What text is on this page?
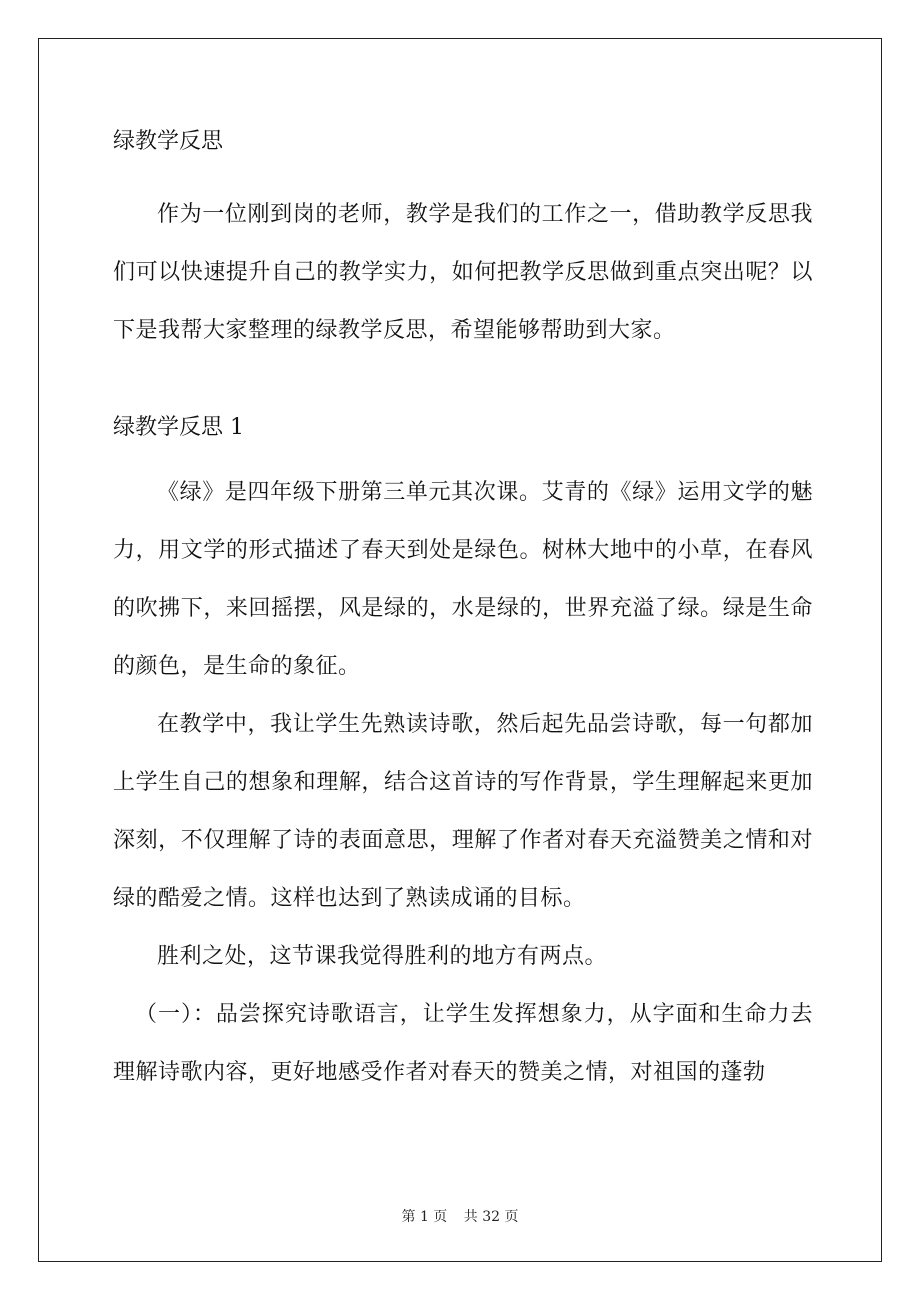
绿教学反思

作为一位刚到岗的老师，教学是我们的工作之一，借助教学反思我们可以快速提升自己的教学实力，如何把教学反思做到重点突出呢？以下是我帮大家整理的绿教学反思，希望能够帮助到大家。

绿教学反思 1

《绿》是四年级下册第三单元其次课。艾青的《绿》运用文学的魅力，用文学的形式描述了春天到处是绿色。树林大地中的小草，在春风的吹拂下，来回摇摆，风是绿的，水是绿的，世界充溢了绿。绿是生命的颜色，是生命的象征。

在教学中，我让学生先熟读诗歌，然后起先品尝诗歌，每一句都加上学生自己的想象和理解，结合这首诗的写作背景，学生理解起来更加深刻，不仅理解了诗的表面意思，理解了作者对春天充溢赞美之情和对绿的酷爱之情。这样也达到了熟读成诵的目标。

胜利之处，这节课我觉得胜利的地方有两点。

（一）：品尝探究诗歌语言，让学生发挥想象力，从字面和生命力去理解诗歌内容，更好地感受作者对春天的赞美之情，对祖国的蓬勃

第 1 页 共 32 页
